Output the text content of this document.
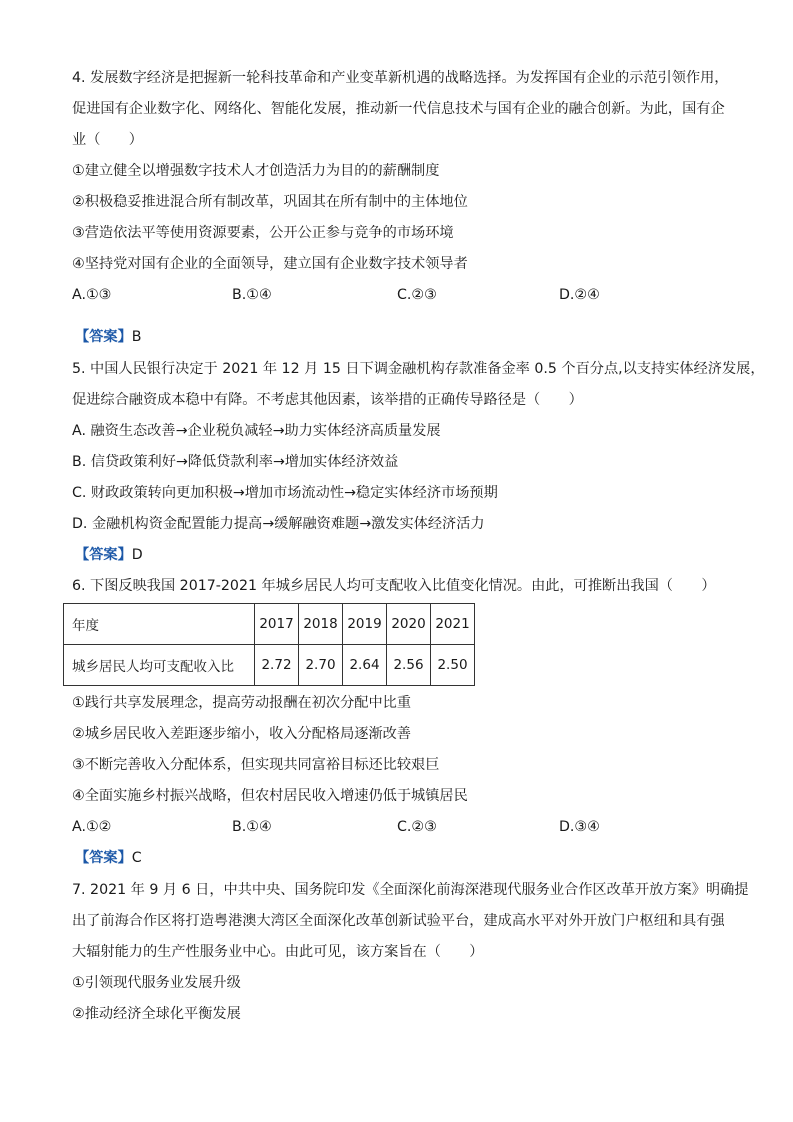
4. 发展数字经济是把握新一轮科技革命和产业变革新机遇的战略选择。为发挥国有企业的示范引领作用，
促进国有企业数字化、网络化、智能化发展，推动新一代信息技术与国有企业的融合创新。为此，国有企
业（　　）
①建立健全以增强数字技术人才创造活力为目的的薪酬制度
②积极稳妥推进混合所有制改革，巩固其在所有制中的主体地位
③营造依法平等使用资源要素，公开公正参与竞争的市场环境
④坚持党对国有企业的全面领导，建立国有企业数字技术领导者
A.①③	B.①④	C.②③	D.②④
【答案】B
5. 中国人民银行决定于 2021 年 12 月 15 日下调金融机构存款准备金率 0.5 个百分点,以支持实体经济发展，
促进综合融资成本稳中有降。不考虑其他因素，该举措的正确传导路径是（　　）
A. 融资生态改善→企业税负减轻→助力实体经济高质量发展
B. 信贷政策利好→降低贷款利率→增加实体经济效益
C. 财政政策转向更加积极→增加市场流动性→稳定实体经济市场预期
D. 金融机构资金配置能力提高→缓解融资难题→激发实体经济活力
【答案】D
6. 下图反映我国 2017-2021 年城乡居民人均可支配收入比值变化情况。由此，可推断出我国（　　）
年度	2017	2018	2019	2020	2021
城乡居民人均可支配收入比	2.72	2.70	2.64	2.56	2.50
①践行共享发展理念，提高劳动报酬在初次分配中比重
②城乡居民收入差距逐步缩小，收入分配格局逐渐改善
③不断完善收入分配体系，但实现共同富裕目标还比较艰巨
④全面实施乡村振兴战略，但农村居民收入增速仍低于城镇居民
A.①②	B.①④	C.②③	D.③④
【答案】C
7. 2021 年 9 月 6 日，中共中央、国务院印发《全面深化前海深港现代服务业合作区改革开放方案》明确提
出了前海合作区将打造粤港澳大湾区全面深化改革创新试验平台，建成高水平对外开放门户枢纽和具有强
大辐射能力的生产性服务业中心。由此可见，该方案旨在（　　）
①引领现代服务业发展升级
②推动经济全球化平衡发展
